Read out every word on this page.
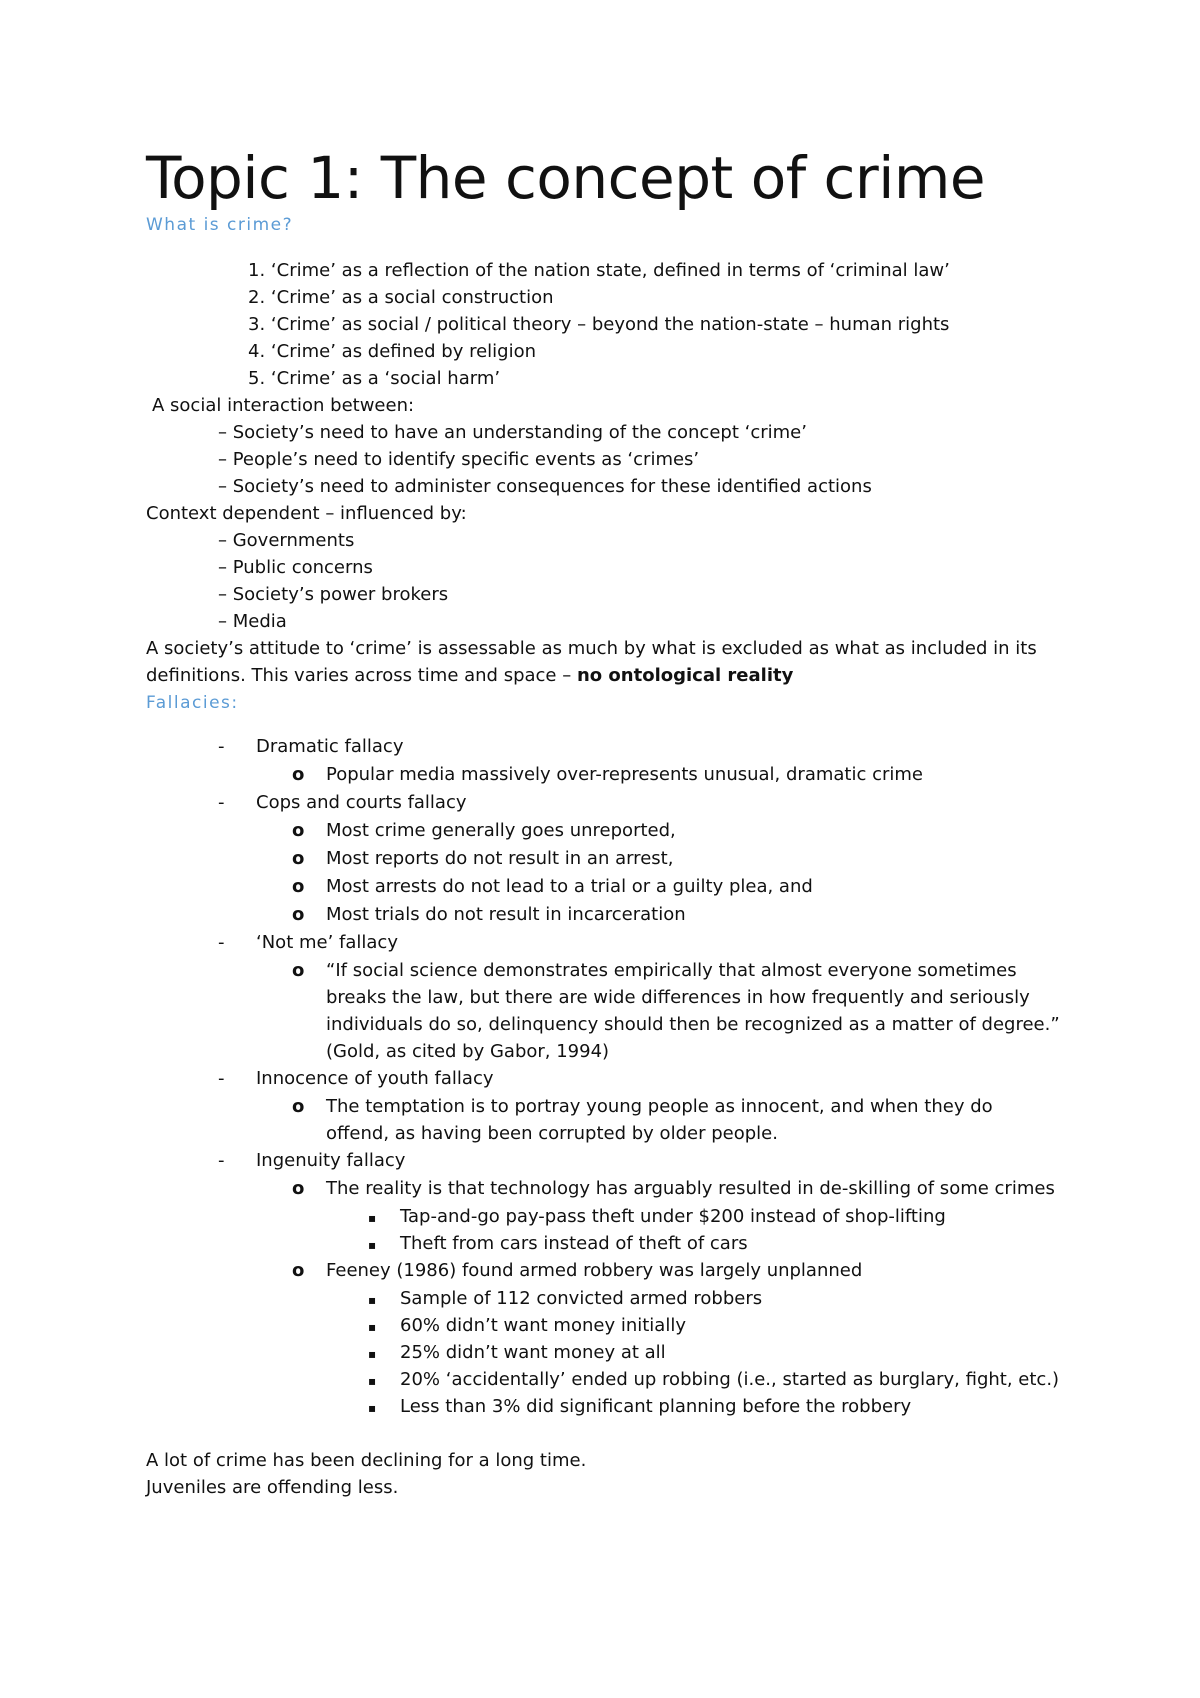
Topic 1: The concept of crime
What is crime?
1. ‘Crime’ as a reflection of the nation state, defined in terms of ‘criminal law’
2. ‘Crime’ as a social construction
3. ‘Crime’ as social / political theory – beyond the nation-state – human rights
4. ‘Crime’ as defined by religion
5. ‘Crime’ as a ‘social harm’
A social interaction between:
– Society’s need to have an understanding of the concept ‘crime’
– People’s need to identify specific events as ‘crimes’
– Society’s need to administer consequences for these identified actions
Context dependent – influenced by:
– Governments
– Public concerns
– Society’s power brokers
– Media
A society’s attitude to ‘crime’ is assessable as much by what is excluded as what as included in its
definitions. This varies across time and space – no ontological reality
Fallacies:
- Dramatic fallacy
o Popular media massively over-represents unusual, dramatic crime
- Cops and courts fallacy
o Most crime generally goes unreported,
o Most reports do not result in an arrest,
o Most arrests do not lead to a trial or a guilty plea, and
o Most trials do not result in incarceration
- ‘Not me’ fallacy
o “If social science demonstrates empirically that almost everyone sometimes
breaks the law, but there are wide differences in how frequently and seriously
individuals do so, delinquency should then be recognized as a matter of degree.”
(Gold, as cited by Gabor, 1994)
- Innocence of youth fallacy
o The temptation is to portray young people as innocent, and when they do
offend, as having been corrupted by older people.
- Ingenuity fallacy
o The reality is that technology has arguably resulted in de-skilling of some crimes
▪ Tap-and-go pay-pass theft under $200 instead of shop-lifting
▪ Theft from cars instead of theft of cars
o Feeney (1986) found armed robbery was largely unplanned
▪ Sample of 112 convicted armed robbers
▪ 60% didn’t want money initially
▪ 25% didn’t want money at all
▪ 20% ‘accidentally’ ended up robbing (i.e., started as burglary, fight, etc.)
▪ Less than 3% did significant planning before the robbery
A lot of crime has been declining for a long time.
Juveniles are offending less.
